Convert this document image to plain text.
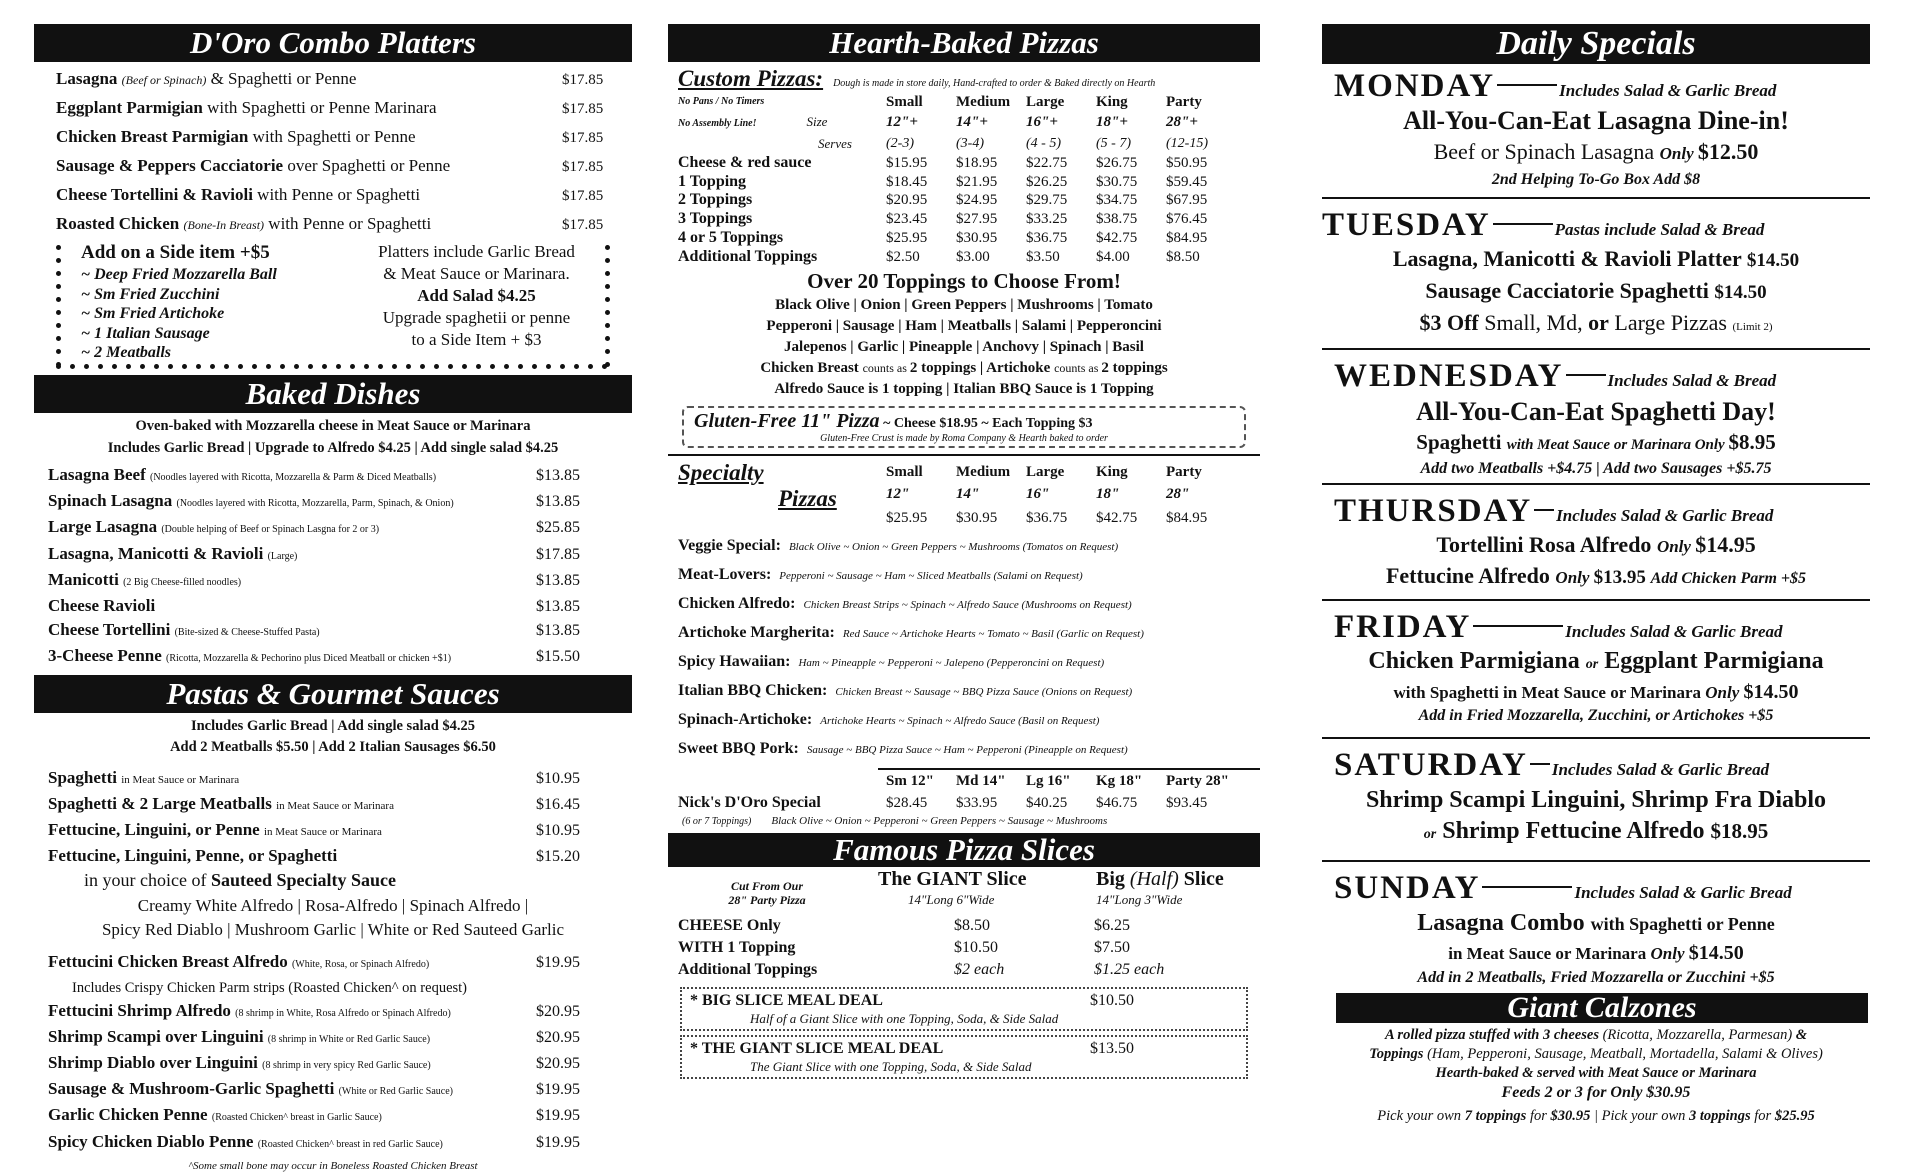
D'Oro Combo Platters
Lasagna (Beef or Spinach) & Spaghetti or Penne	$17.85
Eggplant Parmigian with Spaghetti or Penne Marinara	$17.85
Chicken Breast Parmigian with Spaghetti or Penne	$17.85
Sausage & Peppers Cacciatorie over Spaghetti or Penne	$17.85
Cheese Tortellini & Ravioli with Penne or Spaghetti	$17.85
Roasted Chicken (Bone-In Breast) with Penne or Spaghetti	$17.85
Add on a Side item +$5
~ Deep Fried Mozzarella Ball
~ Sm Fried Zucchini
~ Sm Fried Artichoke
~ 1 Italian Sausage
~ 2 Meatballs
Platters include Garlic Bread
& Meat Sauce or Marinara.
Add Salad $4.25
Upgrade spaghetii or penne
to a Side Item + $3
Baked Dishes
Oven-baked with Mozzarella cheese in Meat Sauce or Marinara
Includes Garlic Bread | Upgrade to Alfredo $4.25 | Add single salad $4.25
Lasagna Beef (Noodles layered with Ricotta, Mozzarella & Parm & Diced Meatballs)	$13.85
Spinach Lasagna (Noodles layered with Ricotta, Mozzarella, Parm, Spinach, & Onion)	$13.85
Large Lasagna (Double helping of Beef or Spinach Lasgna for 2 or 3)	$25.85
Lasagna, Manicotti & Ravioli (Large)	$17.85
Manicotti (2 Big Cheese-filled noodles)	$13.85
Cheese Ravioli	$13.85
Cheese Tortellini (Bite-sized & Cheese-Stuffed Pasta)	$13.85
3-Cheese Penne (Ricotta, Mozzarella & Pechorino plus Diced Meatball or chicken +$1)	$15.50
Pastas & Gourmet Sauces
Includes Garlic Bread | Add single salad $4.25
Add 2 Meatballs $5.50 | Add 2 Italian Sausages $6.50
Spaghetti in Meat Sauce or Marinara	$10.95
Spaghetti & 2 Large Meatballs in Meat Sauce or Marinara	$16.45
Fettucine, Linguini, or Penne in Meat Sauce or Marinara	$10.95
Fettucine, Linguini, Penne, or Spaghetti	$15.20
in your choice of Sauteed Specialty Sauce
Creamy White Alfredo | Rosa-Alfredo | Spinach Alfredo |
Spicy Red Diablo | Mushroom Garlic | White or Red Sauteed Garlic
Fettucini Chicken Breast Alfredo (White, Rosa, or Spinach Alfredo)	$19.95
Includes Crispy Chicken Parm strips (Roasted Chicken^ on request)
Fettucini Shrimp Alfredo (8 shrimp in White, Rosa Alfredo or Spinach Alfredo)	$20.95
Shrimp Scampi over Linguini (8 shrimp in White or Red Garlic Sauce)	$20.95
Shrimp Diablo over Linguini (8 shrimp in very spicy Red Garlic Sauce)	$20.95
Sausage & Mushroom-Garlic Spaghetti (White or Red Garlic Sauce)	$19.95
Garlic Chicken Penne (Roasted Chicken^ breast in Garlic Sauce)	$19.95
Spicy Chicken Diablo Penne (Roasted Chicken^ breast in red Garlic Sauce)	$19.95
^Some small bone may occur in Boneless Roasted Chicken Breast
Hearth-Baked Pizzas
Custom Pizzas: Dough is made in store daily, Hand-crafted to order & Baked directly on Hearth
No Pans / No Timers	Small	Medium	Large	King	Party
No Assembly Line!	Size	12"+	14"+	16"+	18"+	28"+
Serves	(2-3)	(3-4)	(4 - 5)	(5 - 7)	(12-15)
Cheese & red sauce	$15.95	$18.95	$22.75	$26.75	$50.95
1 Topping	$18.45	$21.95	$26.25	$30.75	$59.45
2 Toppings	$20.95	$24.95	$29.75	$34.75	$67.95
3 Toppings	$23.45	$27.95	$33.25	$38.75	$76.45
4 or 5 Toppings	$25.95	$30.95	$36.75	$42.75	$84.95
Additional Toppings	$2.50	$3.00	$3.50	$4.00	$8.50
Over 20 Toppings to Choose From!
Black Olive | Onion | Green Peppers | Mushrooms | Tomato
Pepperoni | Sausage | Ham | Meatballs | Salami | Pepperoncini
Jalepenos | Garlic | Pineapple | Anchovy | Spinach | Basil
Chicken Breast counts as 2 toppings | Artichoke counts as 2 toppings
Alfredo Sauce is 1 topping | Italian BBQ Sauce is 1 Topping
Gluten-Free 11" Pizza ~ Cheese $18.95 ~ Each Topping $3
Gluten-Free Crust is made by Roma Company & Hearth baked to order
Specialty
Pizzas
Small	Medium	Large	King	Party
12"	14"	16"	18"	28"
$25.95	$30.95	$36.75	$42.75	$84.95
Veggie Special: Black Olive ~ Onion ~ Green Peppers ~ Mushrooms (Tomatos on Request)
Meat-Lovers: Pepperoni ~ Sausage ~ Ham ~ Sliced Meatballs (Salami on Request)
Chicken Alfredo: Chicken Breast Strips ~ Spinach ~ Alfredo Sauce (Mushrooms on Request)
Artichoke Margherita: Red Sauce ~ Artichoke Hearts ~ Tomato ~ Basil (Garlic on Request)
Spicy Hawaiian: Ham ~ Pineapple ~ Pepperoni ~ Jalepeno (Pepperoncini on Request)
Italian BBQ Chicken: Chicken Breast ~ Sausage ~ BBQ Pizza Sauce (Onions on Request)
Spinach-Artichoke: Artichoke Hearts ~ Spinach ~ Alfredo Sauce (Basil on Request)
Sweet BBQ Pork: Sausage ~ BBQ Pizza Sauce ~ Ham ~ Pepperoni (Pineapple on Request)
Sm 12"	Md 14"	Lg 16"	Kg 18"	Party 28"
Nick's D'Oro Special	$28.45	$33.95	$40.25	$46.75	$93.45
(6 or 7 Toppings) Black Olive ~ Onion ~ Pepperoni ~ Green Peppers ~ Sausage ~ Mushrooms
Famous Pizza Slices
Cut From Our
28" Party Pizza
The GIANT Slice
14"Long 6"Wide
Big (Half) Slice
14"Long 3"Wide
CHEESE Only	$8.50	$6.25
WITH 1 Topping	$10.50	$7.50
Additional Toppings	$2 each	$1.25 each
* BIG SLICE MEAL DEAL	$10.50
Half of a Giant Slice with one Topping, Soda, & Side Salad
* THE GIANT SLICE MEAL DEAL	$13.50
The Giant Slice with one Topping, Soda, & Side Salad
Daily Specials
MONDAY	Includes Salad & Garlic Bread
All-You-Can-Eat Lasagna Dine-in!
Beef or Spinach Lasagna Only $12.50
2nd Helping To-Go Box Add $8
TUESDAY	Pastas include Salad & Bread
Lasagna, Manicotti & Ravioli Platter $14.50
Sausage Cacciatorie Spaghetti $14.50
$3 Off Small, Md, or Large Pizzas (Limit 2)
WEDNESDAY	Includes Salad & Bread
All-You-Can-Eat Spaghetti Day!
Spaghetti with Meat Sauce or Marinara Only $8.95
Add two Meatballs +$4.75 | Add two Sausages +$5.75
THURSDAY Includes Salad & Garlic Bread
Tortellini Rosa Alfredo Only $14.95
Fettucine Alfredo Only $13.95 Add Chicken Parm +$5
FRIDAY	Includes Salad & Garlic Bread
Chicken Parmigiana or Eggplant Parmigiana
with Spaghetti in Meat Sauce or Marinara Only $14.50
Add in Fried Mozzarella, Zucchini, or Artichokes +$5
SATURDAY Includes Salad & Garlic Bread
Shrimp Scampi Linguini, Shrimp Fra Diablo
or Shrimp Fettucine Alfredo $18.95
SUNDAY	Includes Salad & Garlic Bread
Lasagna Combo with Spaghetti or Penne
in Meat Sauce or Marinara Only $14.50
Add in 2 Meatballs, Fried Mozzarella or Zucchini +$5
Giant Calzones
A rolled pizza stuffed with 3 cheeses (Ricotta, Mozzarella, Parmesan) &
Toppings (Ham, Pepperoni, Sausage, Meatball, Mortadella, Salami & Olives)
Hearth-baked & served with Meat Sauce or Marinara
Feeds 2 or 3 for Only $30.95
Pick your own 7 toppings for $30.95 | Pick your own 3 toppings for $25.95
